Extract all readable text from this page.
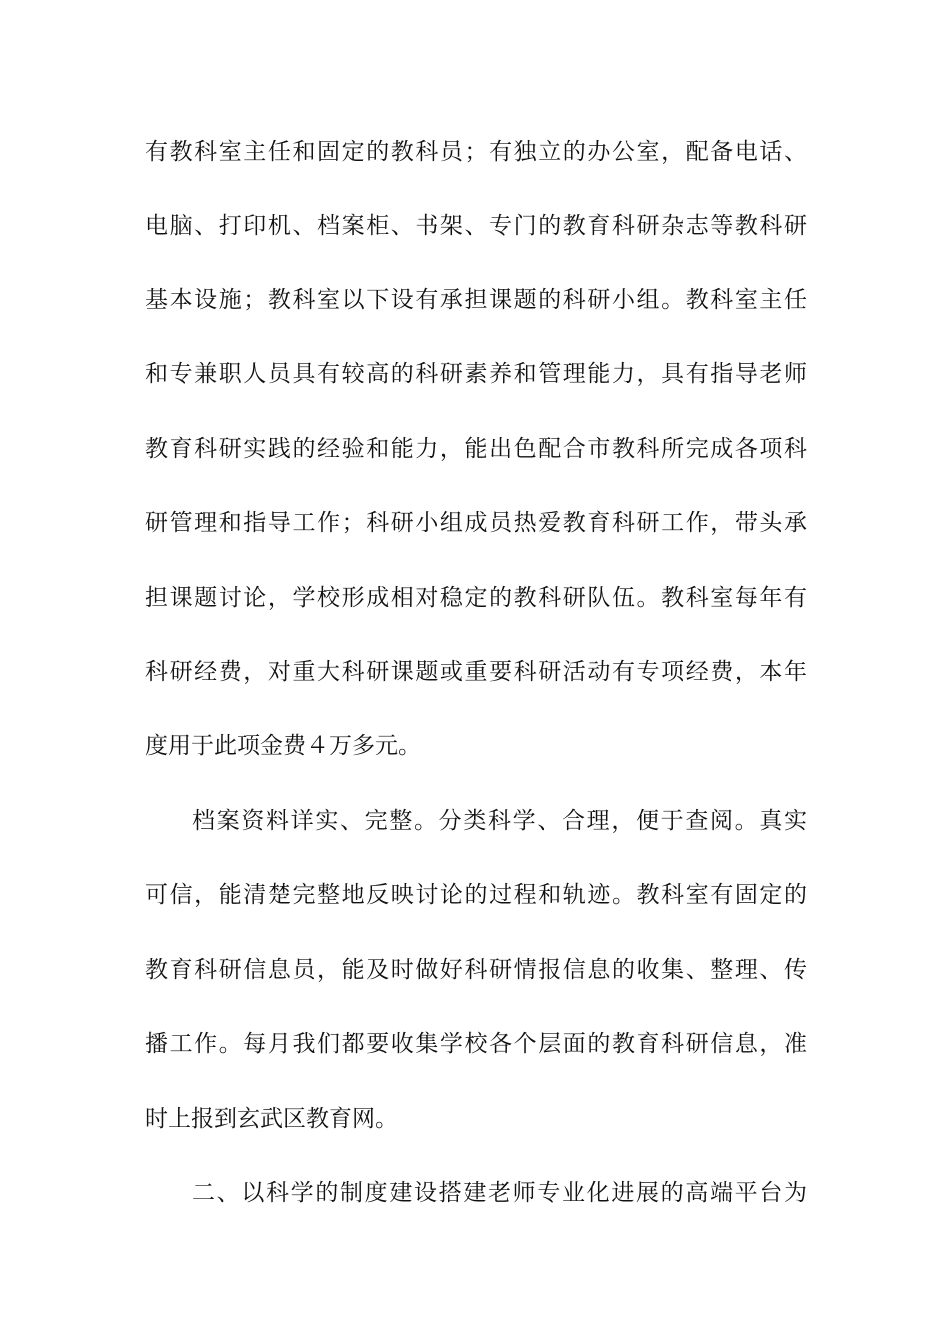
有教科室主任和固定的教科员；有独立的办公室，配备电话、
电脑、打印机、档案柜、书架、专门的教育科研杂志等教科研
基本设施；教科室以下设有承担课题的科研小组。教科室主任
和专兼职人员具有较高的科研素养和管理能力，具有指导老师
教育科研实践的经验和能力，能出色配合市教科所完成各项科
研管理和指导工作；科研小组成员热爱教育科研工作，带头承
担课题讨论，学校形成相对稳定的教科研队伍。教科室每年有
科研经费，对重大科研课题或重要科研活动有专项经费，本年
度用于此项金费４万多元。
档案资料详实、完整。分类科学、合理，便于查阅。真实
可信，能清楚完整地反映讨论的过程和轨迹。教科室有固定的
教育科研信息员，能及时做好科研情报信息的收集、整理、传
播工作。每月我们都要收集学校各个层面的教育科研信息，准
时上报到玄武区教育网。
二、以科学的制度建设搭建老师专业化进展的高端平台为
